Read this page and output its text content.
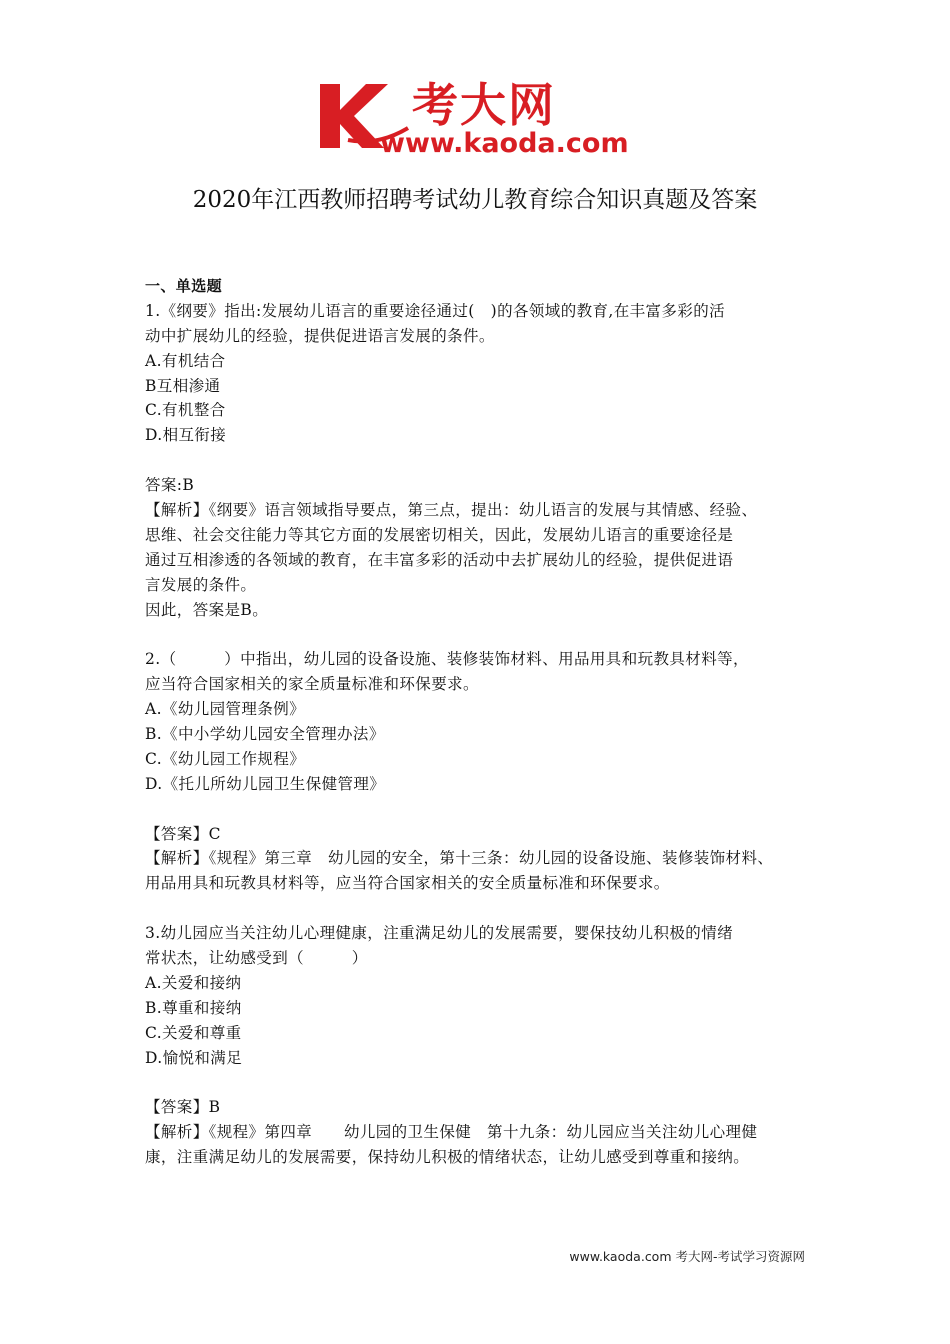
考大网
www.kaoda.com
2020年江西教师招聘考试幼儿教育综合知识真题及答案
一、单选题
1.《纲要》指出:发展幼儿语言的重要途径通过(　)的各领域的教育,在丰富多彩的活
动中扩展幼儿的经验，提供促进语言发展的条件。
A.有机结合
B互相渗通
C.有机整合
D.相互衔接
答案:B
【解析】《纲要》语言领域指导要点，第三点，提出：幼儿语言的发展与其情感、经验、
思维、社会交往能力等其它方面的发展密切相关，因此，发展幼儿语言的重要途径是
通过互相渗透的各领域的教育，在丰富多彩的活动中去扩展幼儿的经验，提供促进语
言发展的条件。
因此，答案是B。
2.（　　　）中指出，幼儿园的设备设施、装修装饰材料、用品用具和玩教具材料等，
应当符合国家相关的家全质量标准和环保要求。
A.《幼儿园管理条例》
B.《中小学幼儿园安全管理办法》
C.《幼儿园工作规程》
D.《托儿所幼儿园卫生保健管理》
【答案】C
【解析】《规程》第三章　幼儿园的安全，第十三条：幼儿园的设备设施、装修装饰材料、
用品用具和玩教具材料等，应当符合国家相关的安全质量标准和环保要求。
3.幼儿园应当关注幼儿心理健康，注重满足幼儿的发展需要，婴保技幼儿积极的情绪
常状杰，让幼感受到（　　　）
A.关爱和接纳
B.尊重和接纳
C.关爱和尊重
D.愉悦和满足
【答案】B
【解析】《规程》第四章　　幼儿园的卫生保健　第十九条：幼儿园应当关注幼儿心理健
康，注重满足幼儿的发展需要，保持幼儿积极的情绪状态，让幼儿感受到尊重和接纳。
www.kaoda.com 考大网-考试学习资源网
